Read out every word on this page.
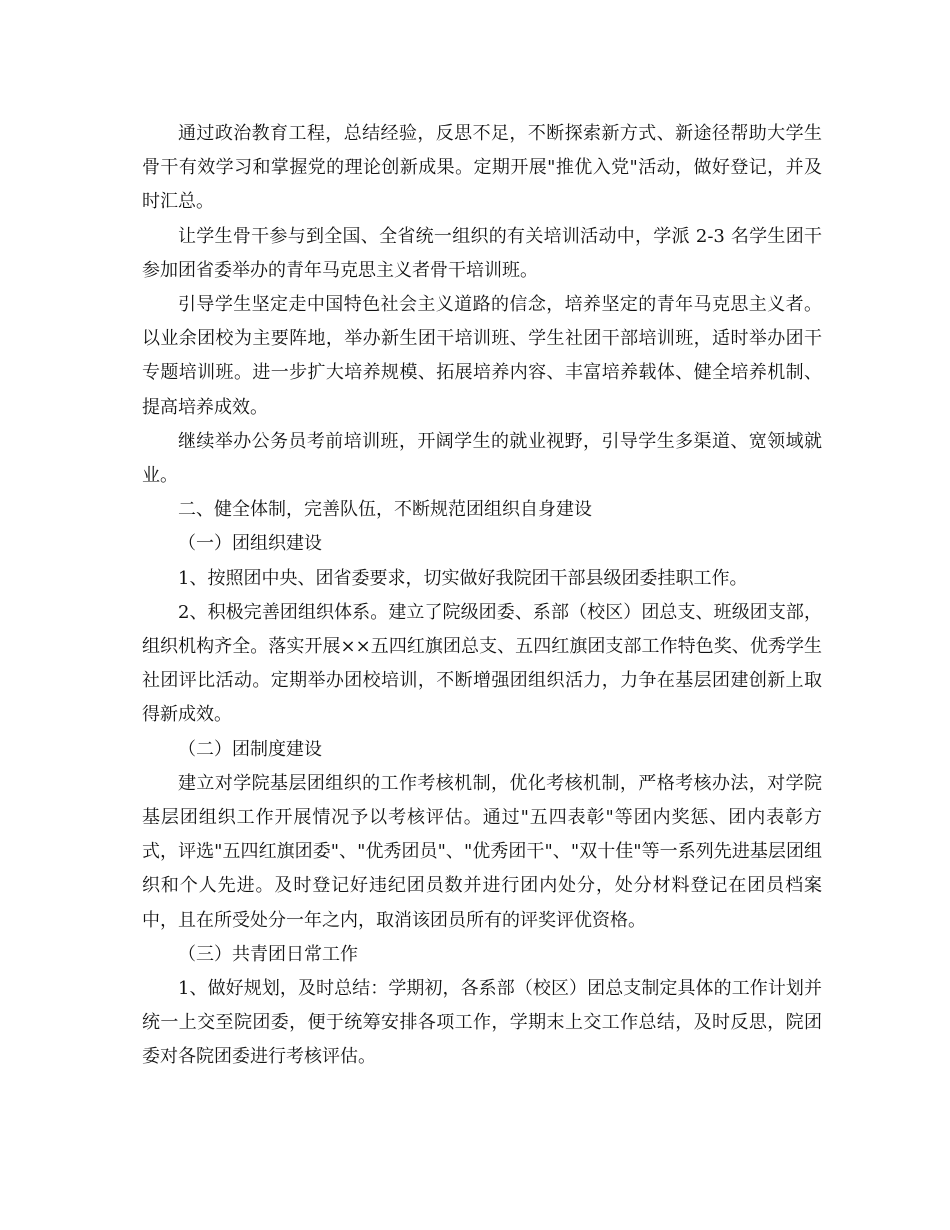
通过政治教育工程，总结经验，反思不足，不断探索新方式、新途径帮助大学生骨干有效学习和掌握党的理论创新成果。定期开展"推优入党"活动，做好登记，并及时汇总。

让学生骨干参与到全国、全省统一组织的有关培训活动中，学派 2-3 名学生团干参加团省委举办的青年马克思主义者骨干培训班。

引导学生坚定走中国特色社会主义道路的信念，培养坚定的青年马克思主义者。以业余团校为主要阵地，举办新生团干培训班、学生社团干部培训班，适时举办团干专题培训班。进一步扩大培养规模、拓展培养内容、丰富培养载体、健全培养机制、提高培养成效。

继续举办公务员考前培训班，开阔学生的就业视野，引导学生多渠道、宽领域就业。

二、健全体制，完善队伍，不断规范团组织自身建设

（一）团组织建设

1、按照团中央、团省委要求，切实做好我院团干部县级团委挂职工作。

2、积极完善团组织体系。建立了院级团委、系部（校区）团总支、班级团支部，组织机构齐全。落实开展××五四红旗团总支、五四红旗团支部工作特色奖、优秀学生社团评比活动。定期举办团校培训，不断增强团组织活力，力争在基层团建创新上取得新成效。

（二）团制度建设

建立对学院基层团组织的工作考核机制，优化考核机制，严格考核办法，对学院基层团组织工作开展情况予以考核评估。通过"五四表彰"等团内奖惩、团内表彰方式，评选"五四红旗团委"、"优秀团员"、"优秀团干"、"双十佳"等一系列先进基层团组织和个人先进。及时登记好违纪团员数并进行团内处分，处分材料登记在团员档案中，且在所受处分一年之内，取消该团员所有的评奖评优资格。

（三）共青团日常工作

1、做好规划，及时总结：学期初，各系部（校区）团总支制定具体的工作计划并统一上交至院团委，便于统筹安排各项工作，学期末上交工作总结，及时反思，院团委对各院团委进行考核评估。
